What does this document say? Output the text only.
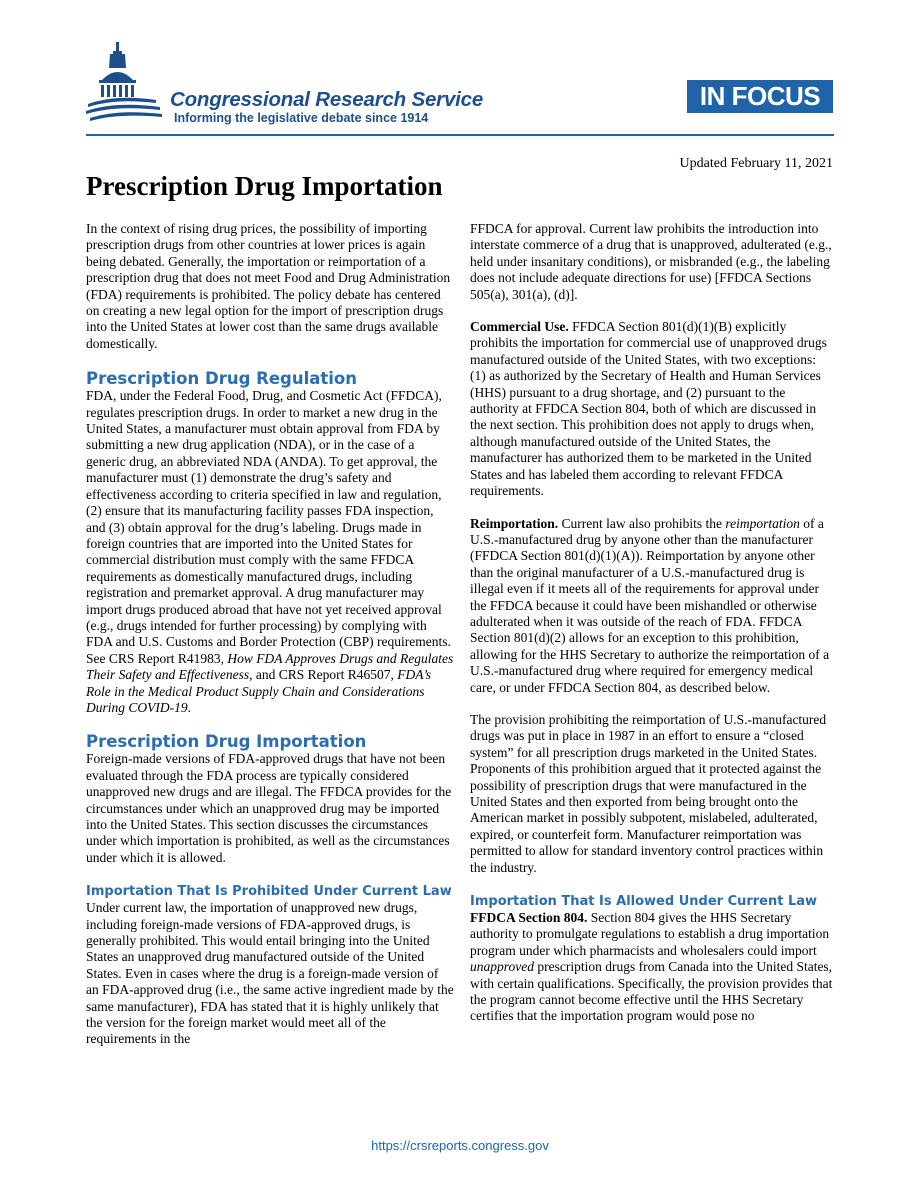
Congressional Research Service
Informing the legislative debate since 1914
IN FOCUS
Updated February 11, 2021
Prescription Drug Importation

In the context of rising drug prices, the possibility of importing prescription drugs from other countries at lower prices is again being debated. Generally, the importation or reimportation of a prescription drug that does not meet Food and Drug Administration (FDA) requirements is prohibited. The policy debate has centered on creating a new legal option for the import of prescription drugs into the United States at lower cost than the same drugs available domestically.

Prescription Drug Regulation

FDA, under the Federal Food, Drug, and Cosmetic Act (FFDCA), regulates prescription drugs. In order to market a new drug in the United States, a manufacturer must obtain approval from FDA by submitting a new drug application (NDA), or in the case of a generic drug, an abbreviated NDA (ANDA). To get approval, the manufacturer must (1) demonstrate the drug’s safety and effectiveness according to criteria specified in law and regulation, (2) ensure that its manufacturing facility passes FDA inspection, and (3) obtain approval for the drug’s labeling. Drugs made in foreign countries that are imported into the United States for commercial distribution must comply with the same FFDCA requirements as domestically manufactured drugs, including registration and premarket approval. A drug manufacturer may import drugs produced abroad that have not yet received approval (e.g., drugs intended for further processing) by complying with FDA and U.S. Customs and Border Protection (CBP) requirements. See CRS Report R41983, How FDA Approves Drugs and Regulates Their Safety and Effectiveness, and CRS Report R46507, FDA’s Role in the Medical Product Supply Chain and Considerations During COVID-19.

Prescription Drug Importation

Foreign-made versions of FDA-approved drugs that have not been evaluated through the FDA process are typically considered unapproved new drugs and are illegal. The FFDCA provides for the circumstances under which an unapproved drug may be imported into the United States. This section discusses the circumstances under which importation is prohibited, as well as the circumstances under which it is allowed.

Importation That Is Prohibited Under Current Law

Under current law, the importation of unapproved new drugs, including foreign-made versions of FDA-approved drugs, is generally prohibited. This would entail bringing into the United States an unapproved drug manufactured outside of the United States. Even in cases where the drug is a foreign-made version of an FDA-approved drug (i.e., the same active ingredient made by the same manufacturer), FDA has stated that it is highly unlikely that the version for the foreign market would meet all of the requirements in the

FFDCA for approval. Current law prohibits the introduction into interstate commerce of a drug that is unapproved, adulterated (e.g., held under insanitary conditions), or misbranded (e.g., the labeling does not include adequate directions for use) [FFDCA Sections 505(a), 301(a), (d)].

Commercial Use. FFDCA Section 801(d)(1)(B) explicitly prohibits the importation for commercial use of unapproved drugs manufactured outside of the United States, with two exceptions: (1) as authorized by the Secretary of Health and Human Services (HHS) pursuant to a drug shortage, and (2) pursuant to the authority at FFDCA Section 804, both of which are discussed in the next section. This prohibition does not apply to drugs when, although manufactured outside of the United States, the manufacturer has authorized them to be marketed in the United States and has labeled them according to relevant FFDCA requirements.

Reimportation. Current law also prohibits the reimportation of a U.S.-manufactured drug by anyone other than the manufacturer (FFDCA Section 801(d)(1)(A)). Reimportation by anyone other than the original manufacturer of a U.S.-manufactured drug is illegal even if it meets all of the requirements for approval under the FFDCA because it could have been mishandled or otherwise adulterated when it was outside of the reach of FDA. FFDCA Section 801(d)(2) allows for an exception to this prohibition, allowing for the HHS Secretary to authorize the reimportation of a U.S.-manufactured drug where required for emergency medical care, or under FFDCA Section 804, as described below.

The provision prohibiting the reimportation of U.S.-manufactured drugs was put in place in 1987 in an effort to ensure a “closed system” for all prescription drugs marketed in the United States. Proponents of this prohibition argued that it protected against the possibility of prescription drugs that were manufactured in the United States and then exported from being brought onto the American market in possibly subpotent, mislabeled, adulterated, expired, or counterfeit form. Manufacturer reimportation was permitted to allow for standard inventory control practices within the industry.

Importation That Is Allowed Under Current Law

FFDCA Section 804. Section 804 gives the HHS Secretary authority to promulgate regulations to establish a drug importation program under which pharmacists and wholesalers could import unapproved prescription drugs from Canada into the United States, with certain qualifications. Specifically, the provision provides that the program cannot become effective until the HHS Secretary certifies that the importation program would pose no

https://crsreports.congress.gov
